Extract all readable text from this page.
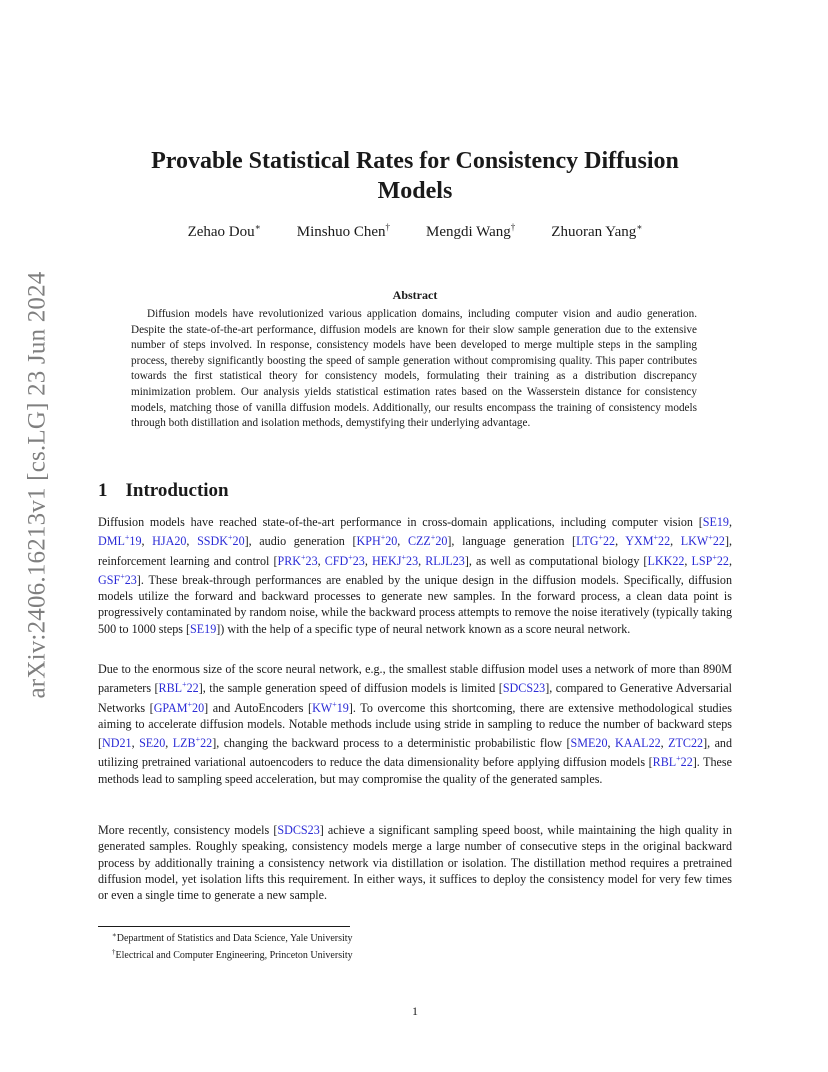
arXiv:2406.16213v1 [cs.LG] 23 Jun 2024
Provable Statistical Rates for Consistency Diffusion
Models
Zehao Dou∗ Minshuo Chen† Mengdi Wang† Zhuoran Yang∗
Abstract

Diffusion models have revolutionized various application domains, including computer vision and audio generation. Despite the state-of-the-art performance, diffusion models are known for their slow sample generation due to the extensive number of steps involved. In response, consistency models have been developed to merge multiple steps in the sampling process, thereby significantly boosting the speed of sample generation without compromising quality. This paper contributes towards the first statistical theory for consistency models, formulating their training as a distribution discrepancy minimization problem. Our analysis yields statistical estimation rates based on the Wasserstein distance for consistency models, matching those of vanilla diffusion models. Additionally, our results encompass the training of consistency models through both distillation and isolation methods, demystifying their underlying advantage.

1 Introduction

Diffusion models have reached state-of-the-art performance in cross-domain applications, including computer vision [SE19, DML+19, HJA20, SSDK+20], audio generation [KPH+20, CZZ+20], language generation [LTG+22, YXM+22, LKW+22], reinforcement learning and control [PRK+23, CFD+23, HEKJ+23, RLJL23], as well as computational biology [LKK22, LSP+22, GSF+23]. These break-through performances are enabled by the unique design in the diffusion models. Specifically, diffusion models utilize the forward and backward processes to generate new samples. In the forward process, a clean data point is progressively contaminated by random noise, while the backward process attempts to remove the noise iteratively (typically taking 500 to 1000 steps [SE19]) with the help of a specific type of neural network known as a score neural network.

Due to the enormous size of the score neural network, e.g., the smallest stable diffusion model uses a network of more than 890M parameters [RBL+22], the sample generation speed of diffusion models is limited [SDCS23], compared to Generative Adversarial Networks [GPAM+20] and AutoEncoders [KW+19]. To overcome this shortcoming, there are extensive methodological studies aiming to accelerate diffusion models. Notable methods include using stride in sampling to reduce the number of backward steps [ND21, SE20, LZB+22], changing the backward process to a deterministic probabilistic flow [SME20, KAAL22, ZTC22], and utilizing pretrained variational autoencoders to reduce the data dimensionality before applying diffusion models [RBL+22]. These methods lead to sampling speed acceleration, but may compromise the quality of the generated samples.

More recently, consistency models [SDCS23] achieve a significant sampling speed boost, while maintaining the high quality in generated samples. Roughly speaking, consistency models merge a large number of consecutive steps in the original backward process by additionally training a consistency network via distillation or isolation. The distillation method requires a pretrained diffusion model, yet isolation lifts this requirement. In either ways, it suffices to deploy the consistency model for very few times or even a single time to generate a new sample.

∗Department of Statistics and Data Science, Yale University
†Electrical and Computer Engineering, Princeton University
1
